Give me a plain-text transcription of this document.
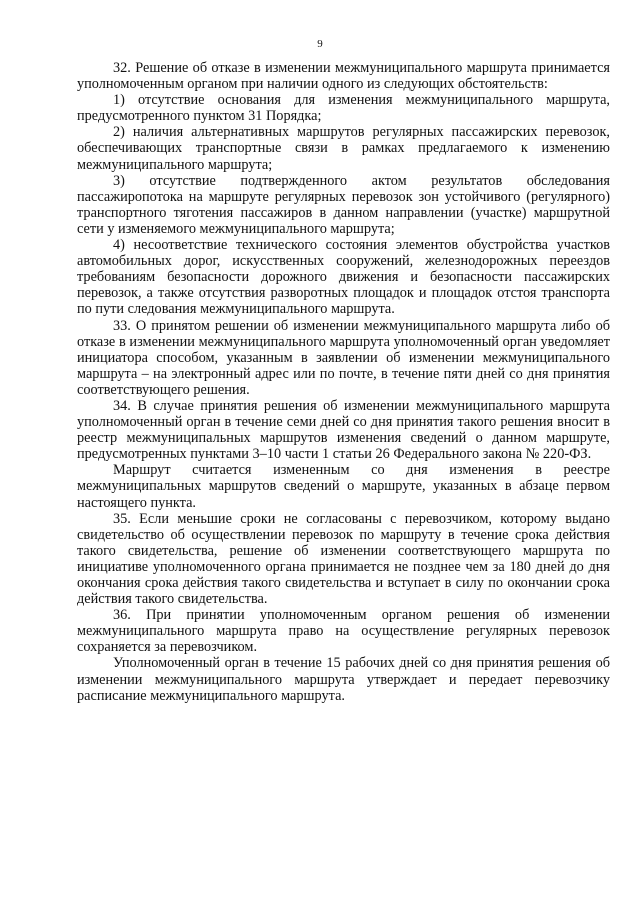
9

32. Решение об отказе в изменении межмуниципального маршрута принимается уполномоченным органом при наличии одного из следующих обстоятельств:

1) отсутствие основания для изменения межмуниципального маршрута, предусмотренного пунктом 31 Порядка;

2) наличия альтернативных маршрутов регулярных пассажирских перевозок, обеспечивающих транспортные связи в рамках предлагаемого к изменению межмуниципального маршрута;

3) отсутствие подтвержденного актом результатов обследования пассажиропотока на маршруте регулярных перевозок зон устойчивого (регулярного) транспортного тяготения пассажиров в данном направлении (участке) маршрутной сети у изменяемого межмуниципального маршрута;

4) несоответствие технического состояния элементов обустройства участков автомобильных дорог, искусственных сооружений, железнодорожных переездов требованиям безопасности дорожного движения и безопасности пассажирских перевозок, а также отсутствия разворотных площадок и площадок отстоя транспорта по пути следования межмуниципального маршрута.

33. О принятом решении об изменении межмуниципального маршрута либо об отказе в изменении межмуниципального маршрута уполномоченный орган уведомляет инициатора способом, указанным в заявлении об изменении межмуниципального маршрута – на электронный адрес или по почте, в течение пяти дней со дня принятия соответствующего решения.

34. В случае принятия решения об изменении межмуниципального маршрута уполномоченный орган в течение семи дней со дня принятия такого решения вносит в реестр межмуниципальных маршрутов изменения сведений о данном маршруте, предусмотренных пунктами 3–10 части 1 статьи 26 Федерального закона № 220-ФЗ.

Маршрут считается измененным со дня изменения в реестре межмуниципальных маршрутов сведений о маршруте, указанных в абзаце первом настоящего пункта.

35. Если меньшие сроки не согласованы с перевозчиком, которому выдано свидетельство об осуществлении перевозок по маршруту в течение срока действия такого свидетельства, решение об изменении соответствующего маршрута по инициативе уполномоченного органа принимается не позднее чем за 180 дней до дня окончания срока действия такого свидетельства и вступает в силу по окончании срока действия такого свидетельства.

36. При принятии уполномоченным органом решения об изменении межмуниципального маршрута право на осуществление регулярных перевозок сохраняется за перевозчиком.

Уполномоченный орган в течение 15 рабочих дней со дня принятия решения об изменении межмуниципального маршрута утверждает и передает перевозчику расписание межмуниципального маршрута.
